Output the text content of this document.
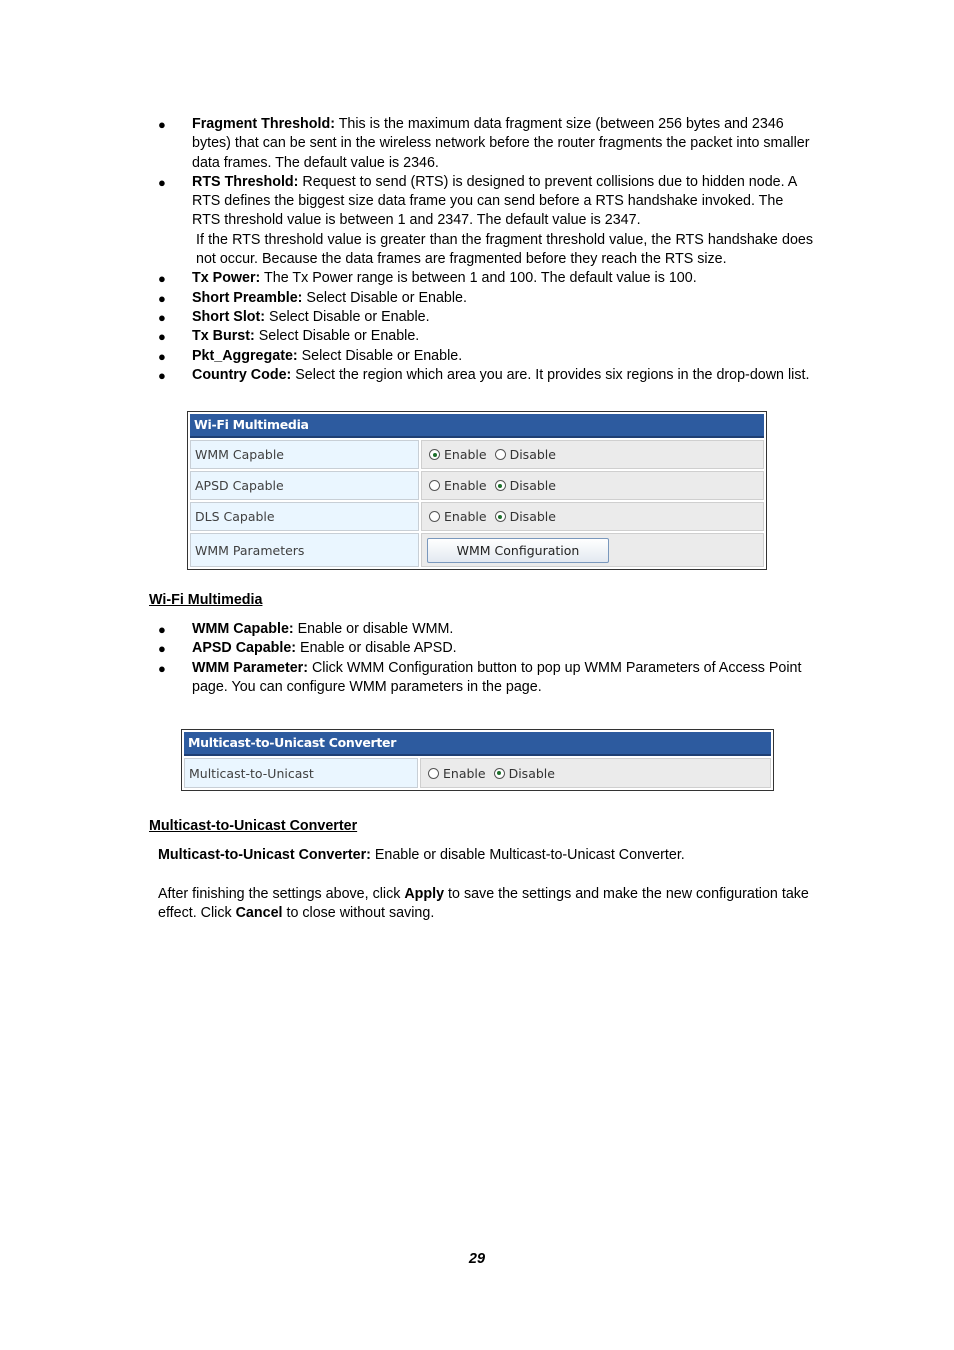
● Fragment Threshold: This is the maximum data fragment size (between 256 bytes and 2346 bytes) that can be sent in the wireless network before the router fragments the packet into smaller data frames. The default value is 2346.
● RTS Threshold: Request to send (RTS) is designed to prevent collisions due to hidden node. A RTS defines the biggest size data frame you can send before a RTS handshake invoked. The RTS threshold value is between 1 and 2347. The default value is 2347.
If the RTS threshold value is greater than the fragment threshold value, the RTS handshake does not occur. Because the data frames are fragmented before they reach the RTS size.
● Tx Power: The Tx Power range is between 1 and 100. The default value is 100.
● Short Preamble: Select Disable or Enable.
● Short Slot: Select Disable or Enable.
● Tx Burst: Select Disable or Enable.
● Pkt_Aggregate: Select Disable or Enable.
● Country Code: Select the region which area you are. It provides six regions in the drop-down list.
Wi-Fi Multimedia
WMM Capable	Enable Disable
APSD Capable	Enable Disable
DLS Capable	Enable Disable
WMM Parameters	WMM Configuration
Wi-Fi Multimedia
● WMM Capable: Enable or disable WMM.
● APSD Capable: Enable or disable APSD.
● WMM Parameter: Click WMM Configuration button to pop up WMM Parameters of Access Point page. You can configure WMM parameters in the page.
Multicast-to-Unicast Converter
Multicast-to-Unicast	Enable Disable
Multicast-to-Unicast Converter
Multicast-to-Unicast Converter: Enable or disable Multicast-to-Unicast Converter.
After finishing the settings above, click Apply to save the settings and make the new configuration take effect. Click Cancel to close without saving.
29
